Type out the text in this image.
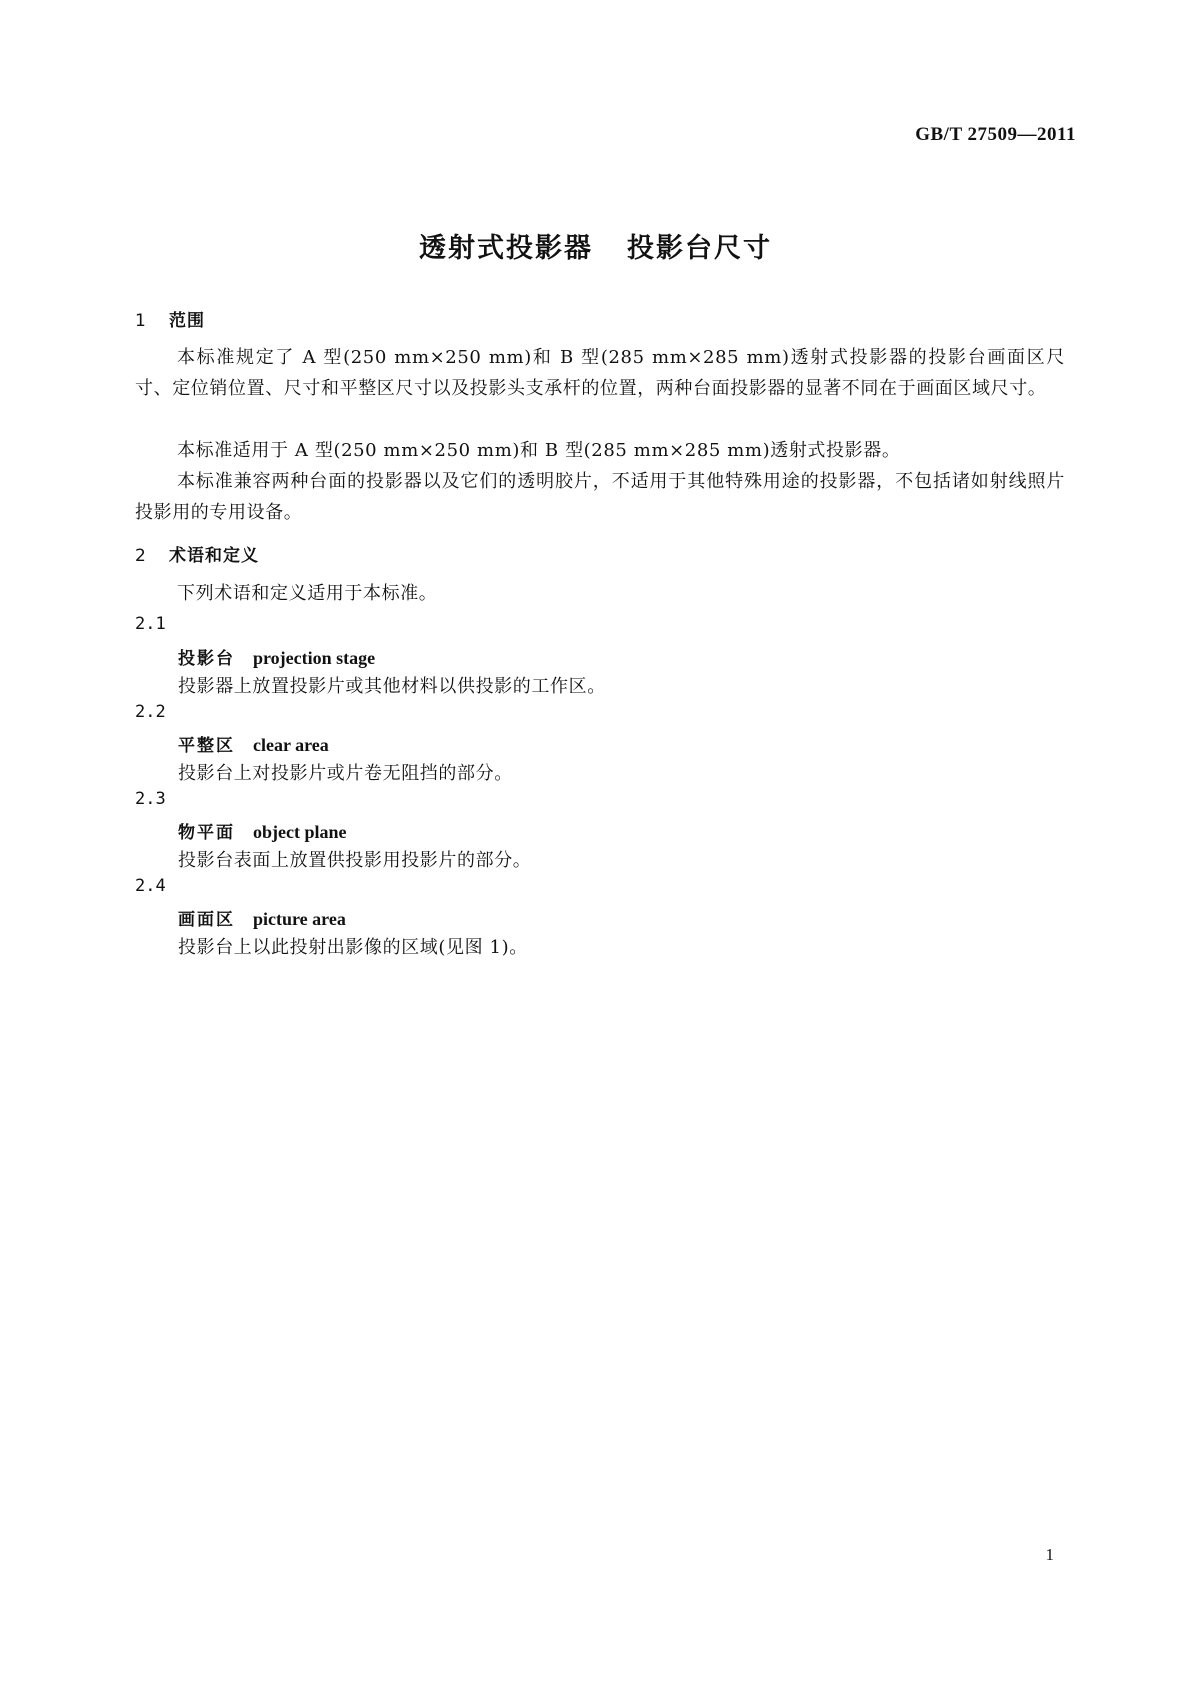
GB/T 27509—2011
透射式投影器 投影台尺寸
1 范围

本标准规定了 A 型(250 mm×250 mm)和 B 型(285 mm×285 mm)透射式投影器的投影台画面区尺寸、定位销位置、尺寸和平整区尺寸以及投影头支承杆的位置，两种台面投影器的显著不同在于画面区域尺寸。

本标准适用于 A 型(250 mm×250 mm)和 B 型(285 mm×285 mm)透射式投影器。

本标准兼容两种台面的投影器以及它们的透明胶片，不适用于其他特殊用途的投影器，不包括诸如射线照片投影用的专用设备。

2 术语和定义

下列术语和定义适用于本标准。

2.1
投影台 projection stage
投影器上放置投影片或其他材料以供投影的工作区。
2.2
平整区 clear area
投影台上对投影片或片卷无阻挡的部分。
2.3
物平面 object plane
投影台表面上放置供投影用投影片的部分。
2.4
画面区 picture area
投影台上以此投射出影像的区域(见图 1)。
1
